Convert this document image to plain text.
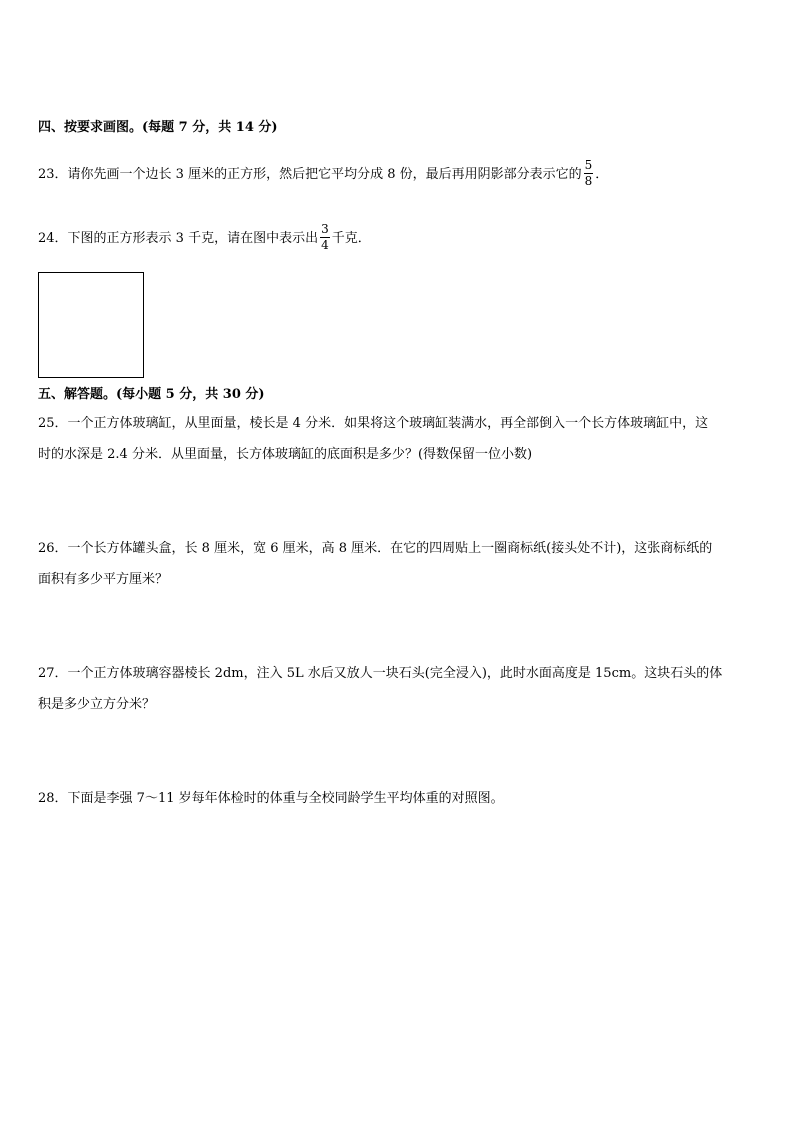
四、按要求画图。(每题 7 分，共 14 分)
23．请你先画一个边长 3 厘米的正方形，然后把它平均分成 8 份，最后再用阴影部分表示它的 $\frac{5}{8}$ ．
24．下图的正方形表示 3 千克，请在图中表示出 $\frac{3}{4}$ 千克．
五、解答题。(每小题 5 分，共 30 分)
25．一个正方体玻璃缸，从里面量，棱长是 4 分米．如果将这个玻璃缸装满水，再全部倒入一个长方体玻璃缸中，这
时的水深是 2.4 分米．从里面量，长方体玻璃缸的底面积是多少？(得数保留一位小数)
26．一个长方体罐头盒，长 8 厘米，宽 6 厘米，高 8 厘米．在它的四周贴上一圈商标纸(接头处不计)，这张商标纸的
面积有多少平方厘米？
27．一个正方体玻璃容器棱长 2dm，注入 5L 水后又放人一块石头(完全浸入)，此时水面高度是 15cm。这块石头的体
积是多少立方分米？
28．下面是李强 7～11 岁每年体检时的体重与全校同龄学生平均体重的对照图。
